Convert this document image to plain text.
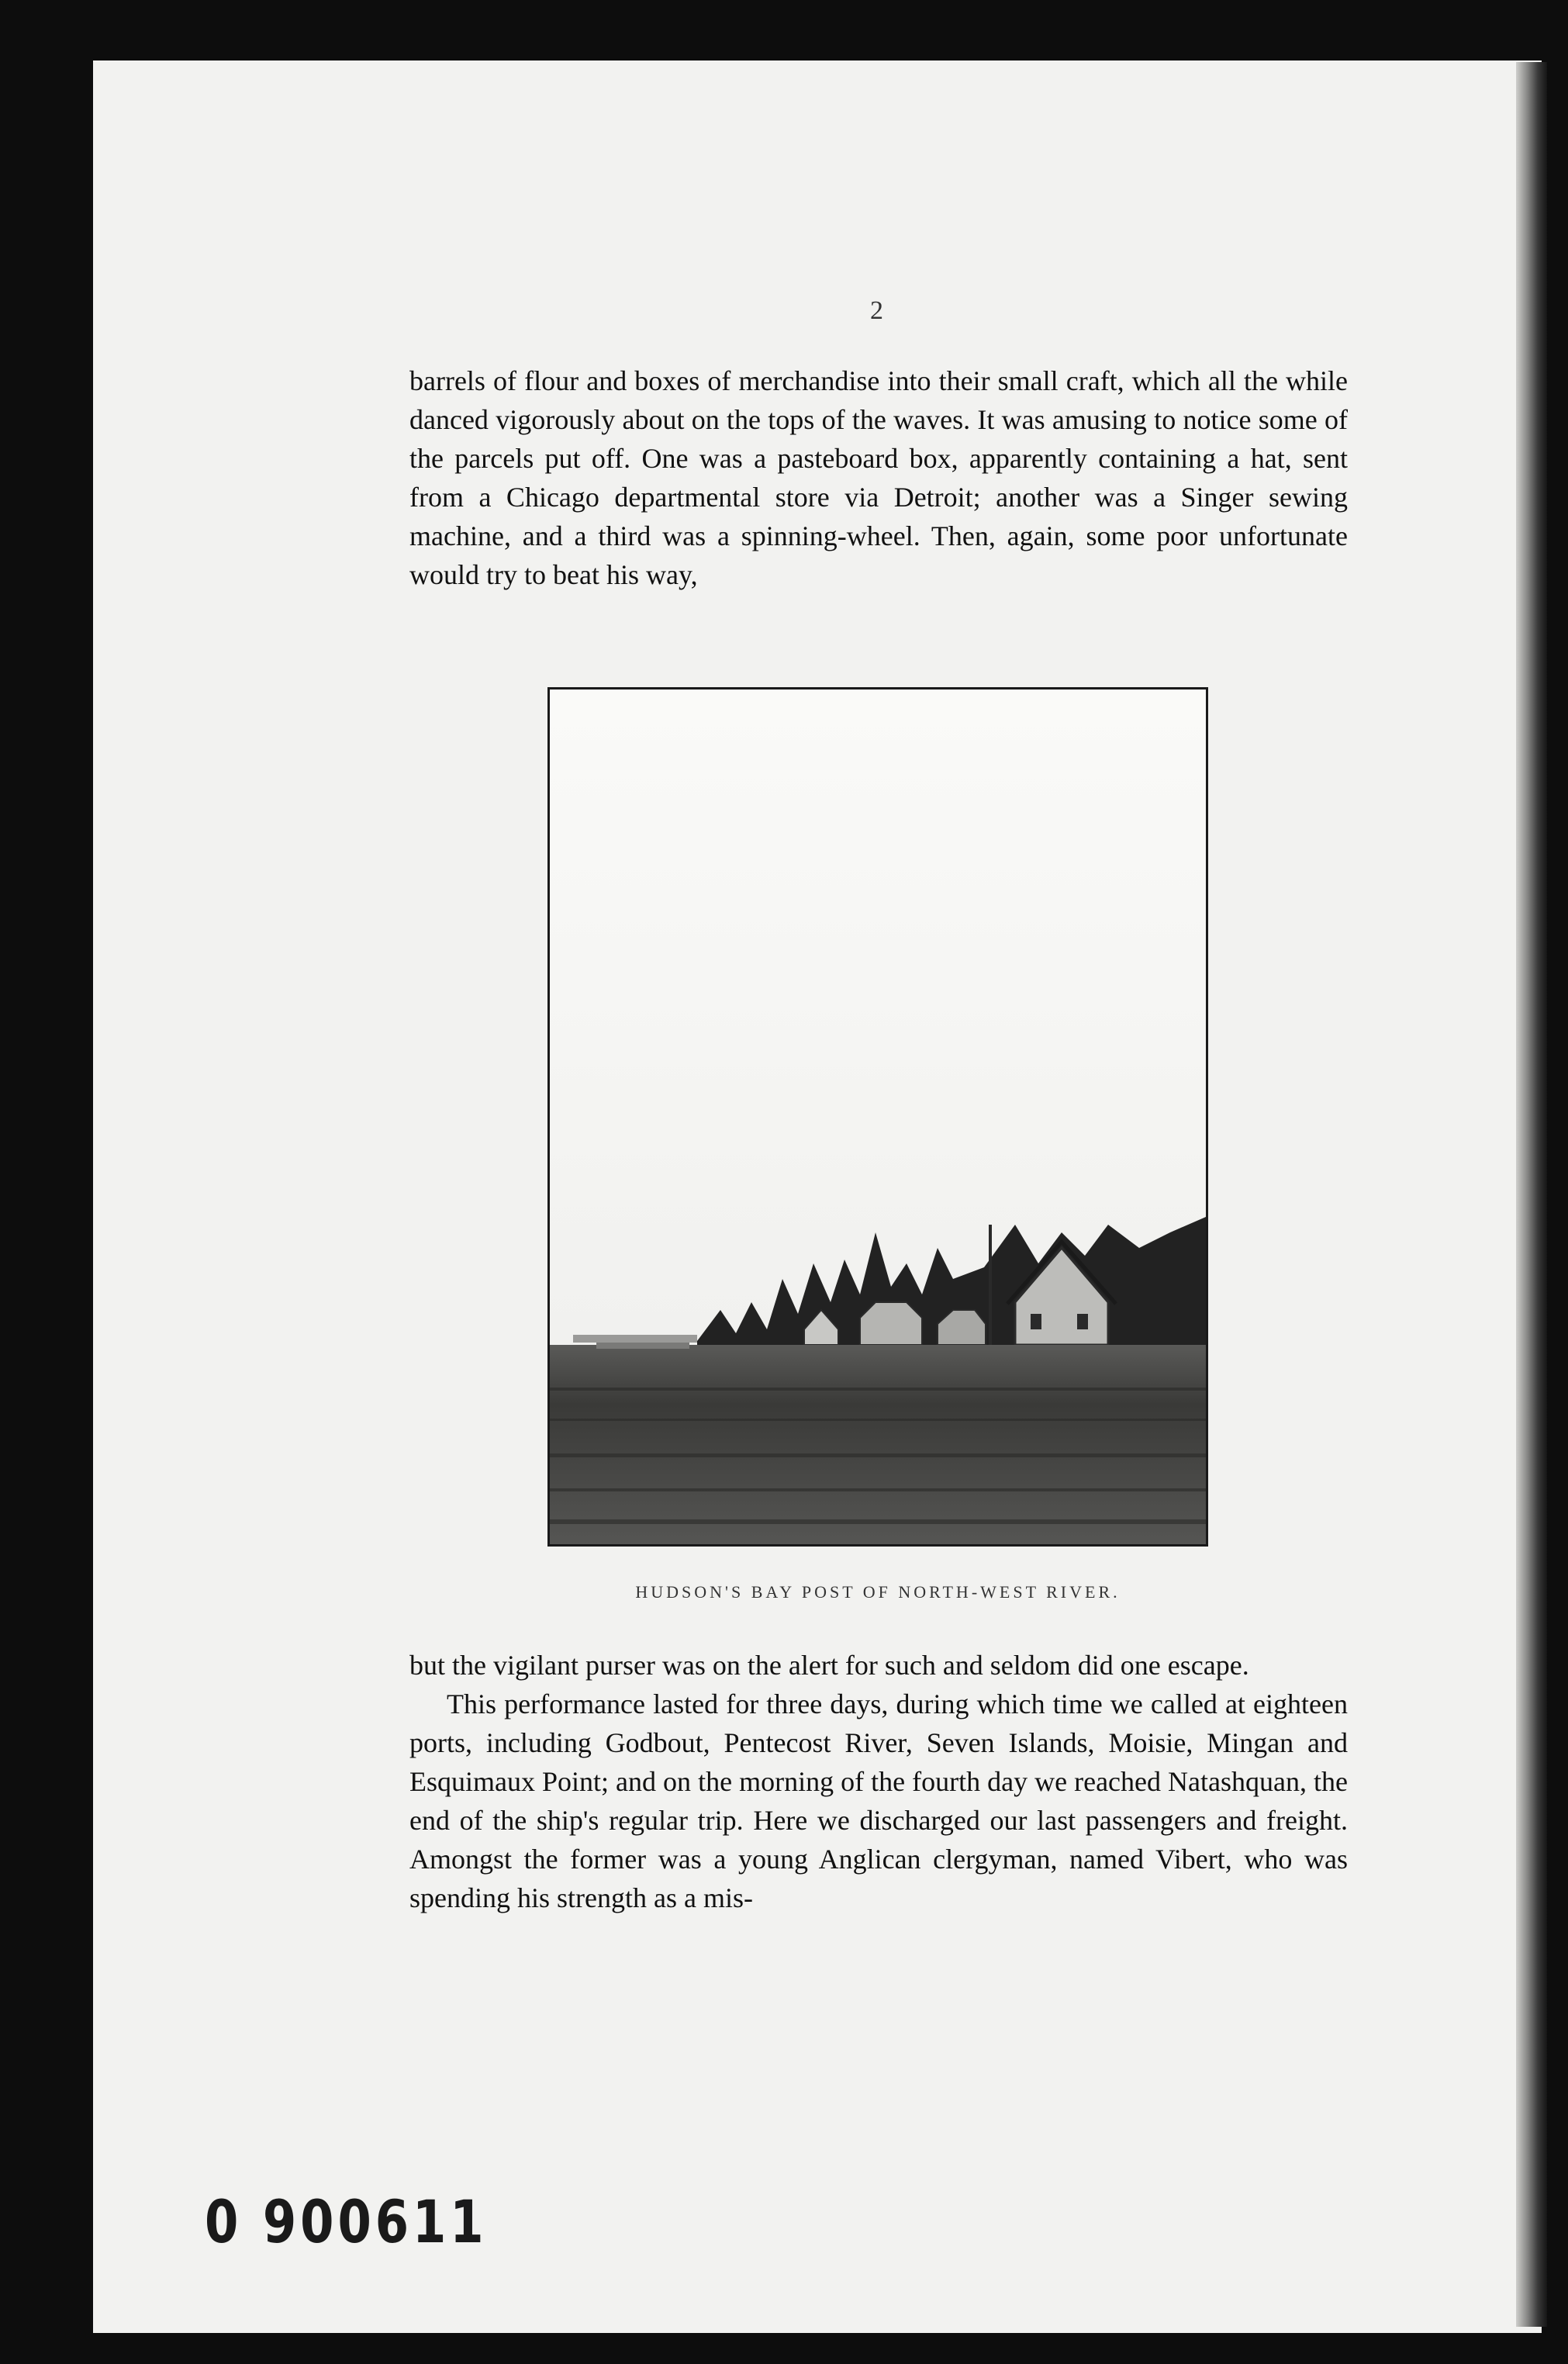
2

barrels of flour and boxes of merchandise into their small craft, which all the while danced vigorously about on the tops of the waves. It was amusing to notice some of the parcels put off. One was a pasteboard box, apparently containing a hat, sent from a Chicago departmental store via Detroit; another was a Singer sewing machine, and a third was a spinning-wheel. Then, again, some poor unfortunate would try to beat his way,

HUDSON'S BAY POST OF NORTH-WEST RIVER.

but the vigilant purser was on the alert for such and seldom did one escape.

This performance lasted for three days, during which time we called at eighteen ports, including Godbout, Pentecost River, Seven Islands, Moisie, Mingan and Esquimaux Point; and on the morning of the fourth day we reached Natashquan, the end of the ship's regular trip. Here we discharged our last passengers and freight. Amongst the former was a young Anglican clergyman, named Vibert, who was spending his strength as a mis-

0 900611
